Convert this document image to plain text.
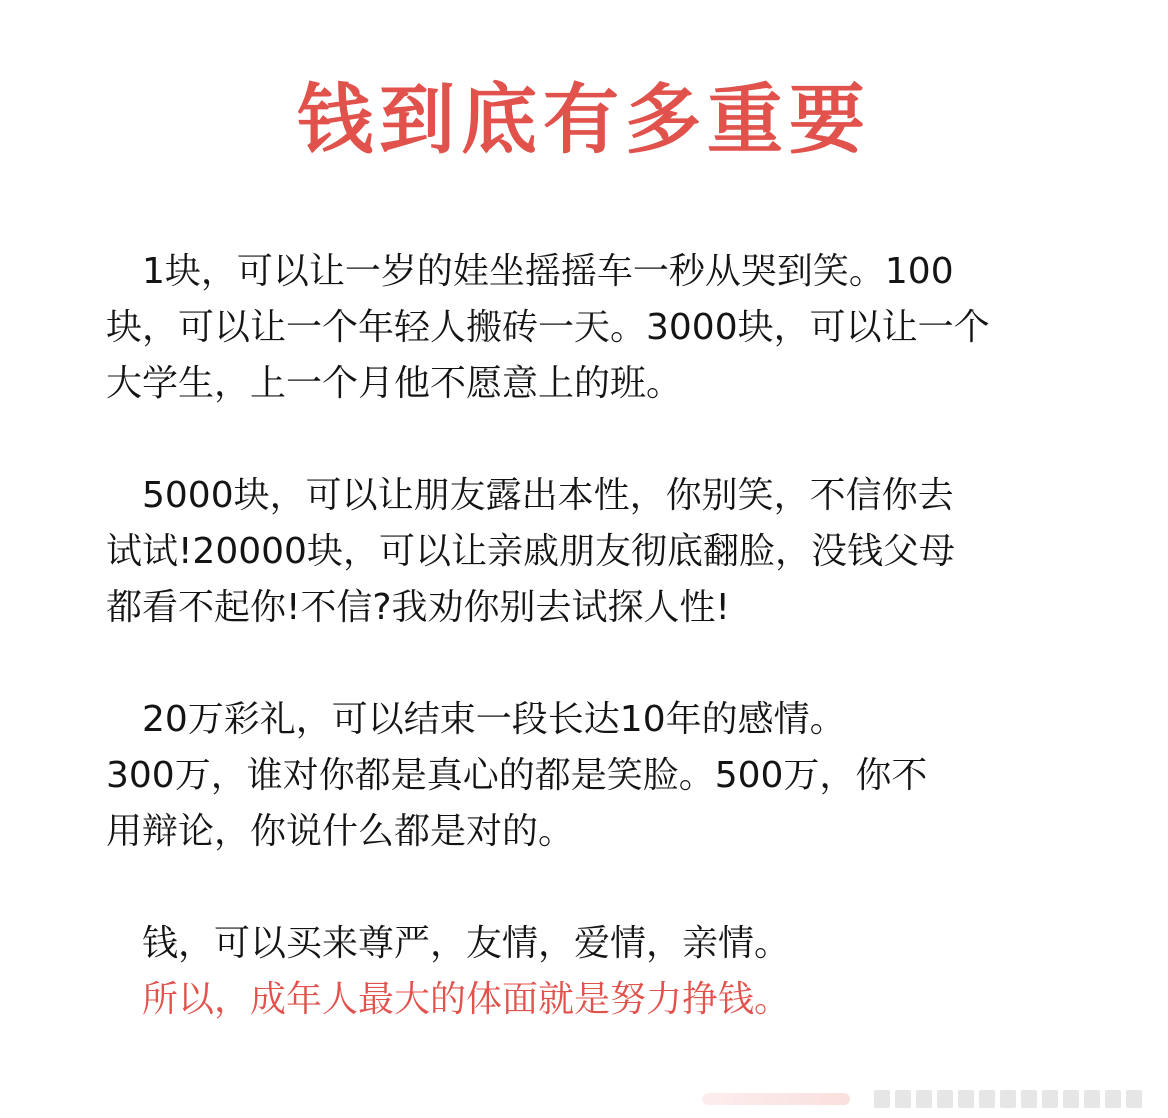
钱到底有多重要
1块，可以让一岁的娃坐摇摇车一秒从哭到笑。100
块，可以让一个年轻人搬砖一天。3000块，可以让一个
大学生，上一个月他不愿意上的班。
5000块，可以让朋友露出本性，你别笑，不信你去
试试!20000块，可以让亲戚朋友彻底翻脸，没钱父母
都看不起你!不信?我劝你别去试探人性!
20万彩礼，可以结束一段长达10年的感情。
300万，谁对你都是真心的都是笑脸。500万，你不
用辩论，你说什么都是对的。
钱，可以买来尊严，友情，爱情，亲情。
所以，成年人最大的体面就是努力挣钱。
